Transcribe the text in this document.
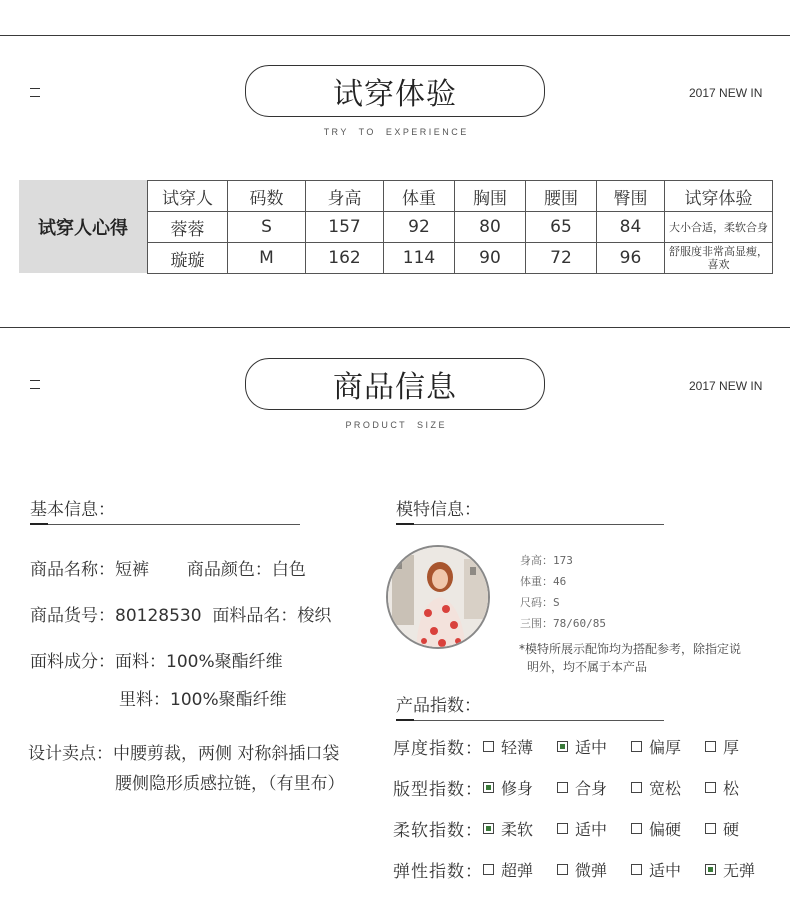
试穿体验
T R Y     T O     E X P E R I E N C E
2017 NEW IN
试穿人心得
试穿人	码数	身高	体重	胸围	腰围	臀围	试穿体验
蓉蓉	S	157	92	80	65	84	大小合适，柔软合身
璇璇	M	162	114	90	72	96	舒服度非常高显瘦，喜欢
商品信息
P R O D U C T     S I Z E
2017 NEW IN
基本信息：
商品名称：短裤       商品颜色：白色
商品货号：80128530  面料品名：梭织
面料成分：面料：100%聚酯纤维
里料：100%聚酯纤维
设计卖点：中腰剪裁，两侧 对称斜插口袋
腰侧隐形质感拉链，（有里布）
模特信息：
身高：173
体重：46
尺码：S
三围：78/60/85
*模特所展示配饰均为搭配参考，除指定说
明外，均不属于本产品
产品指数：
厚度指数： 轻薄	适中	偏厚	厚
版型指数： 修身	合身	宽松	松
柔软指数： 柔软	适中	偏硬	硬
弹性指数： 超弹	微弹	适中	无弹
